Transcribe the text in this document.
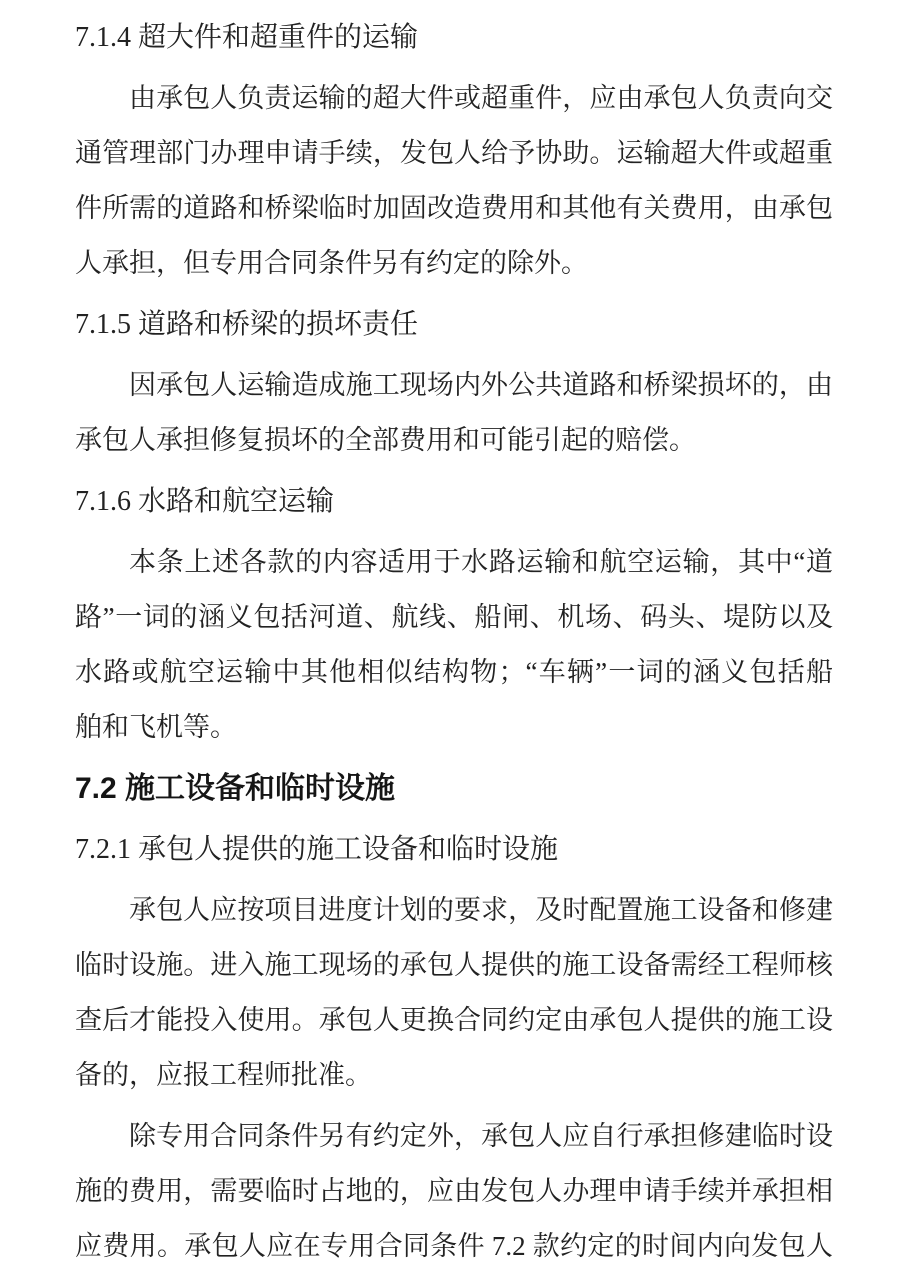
7.1.4 超大件和超重件的运输
由承包人负责运输的超大件或超重件，应由承包人负责向交
通管理部门办理申请手续，发包人给予协助。运输超大件或超重
件所需的道路和桥梁临时加固改造费用和其他有关费用，由承包
人承担，但专用合同条件另有约定的除外。
7.1.5 道路和桥梁的损坏责任
因承包人运输造成施工现场内外公共道路和桥梁损坏的，由
承包人承担修复损坏的全部费用和可能引起的赔偿。
7.1.6 水路和航空运输
本条上述各款的内容适用于水路运输和航空运输，其中“道
路”一词的涵义包括河道、航线、船闸、机场、码头、堤防以及
水路或航空运输中其他相似结构物；“车辆”一词的涵义包括船
舶和飞机等。
7.2 施工设备和临时设施
7.2.1 承包人提供的施工设备和临时设施
承包人应按项目进度计划的要求，及时配置施工设备和修建
临时设施。进入施工现场的承包人提供的施工设备需经工程师核
查后才能投入使用。承包人更换合同约定由承包人提供的施工设
备的，应报工程师批准。
除专用合同条件另有约定外，承包人应自行承担修建临时设
施的费用，需要临时占地的，应由发包人办理申请手续并承担相
应费用。承包人应在专用合同条件 7.2 款约定的时间内向发包人
